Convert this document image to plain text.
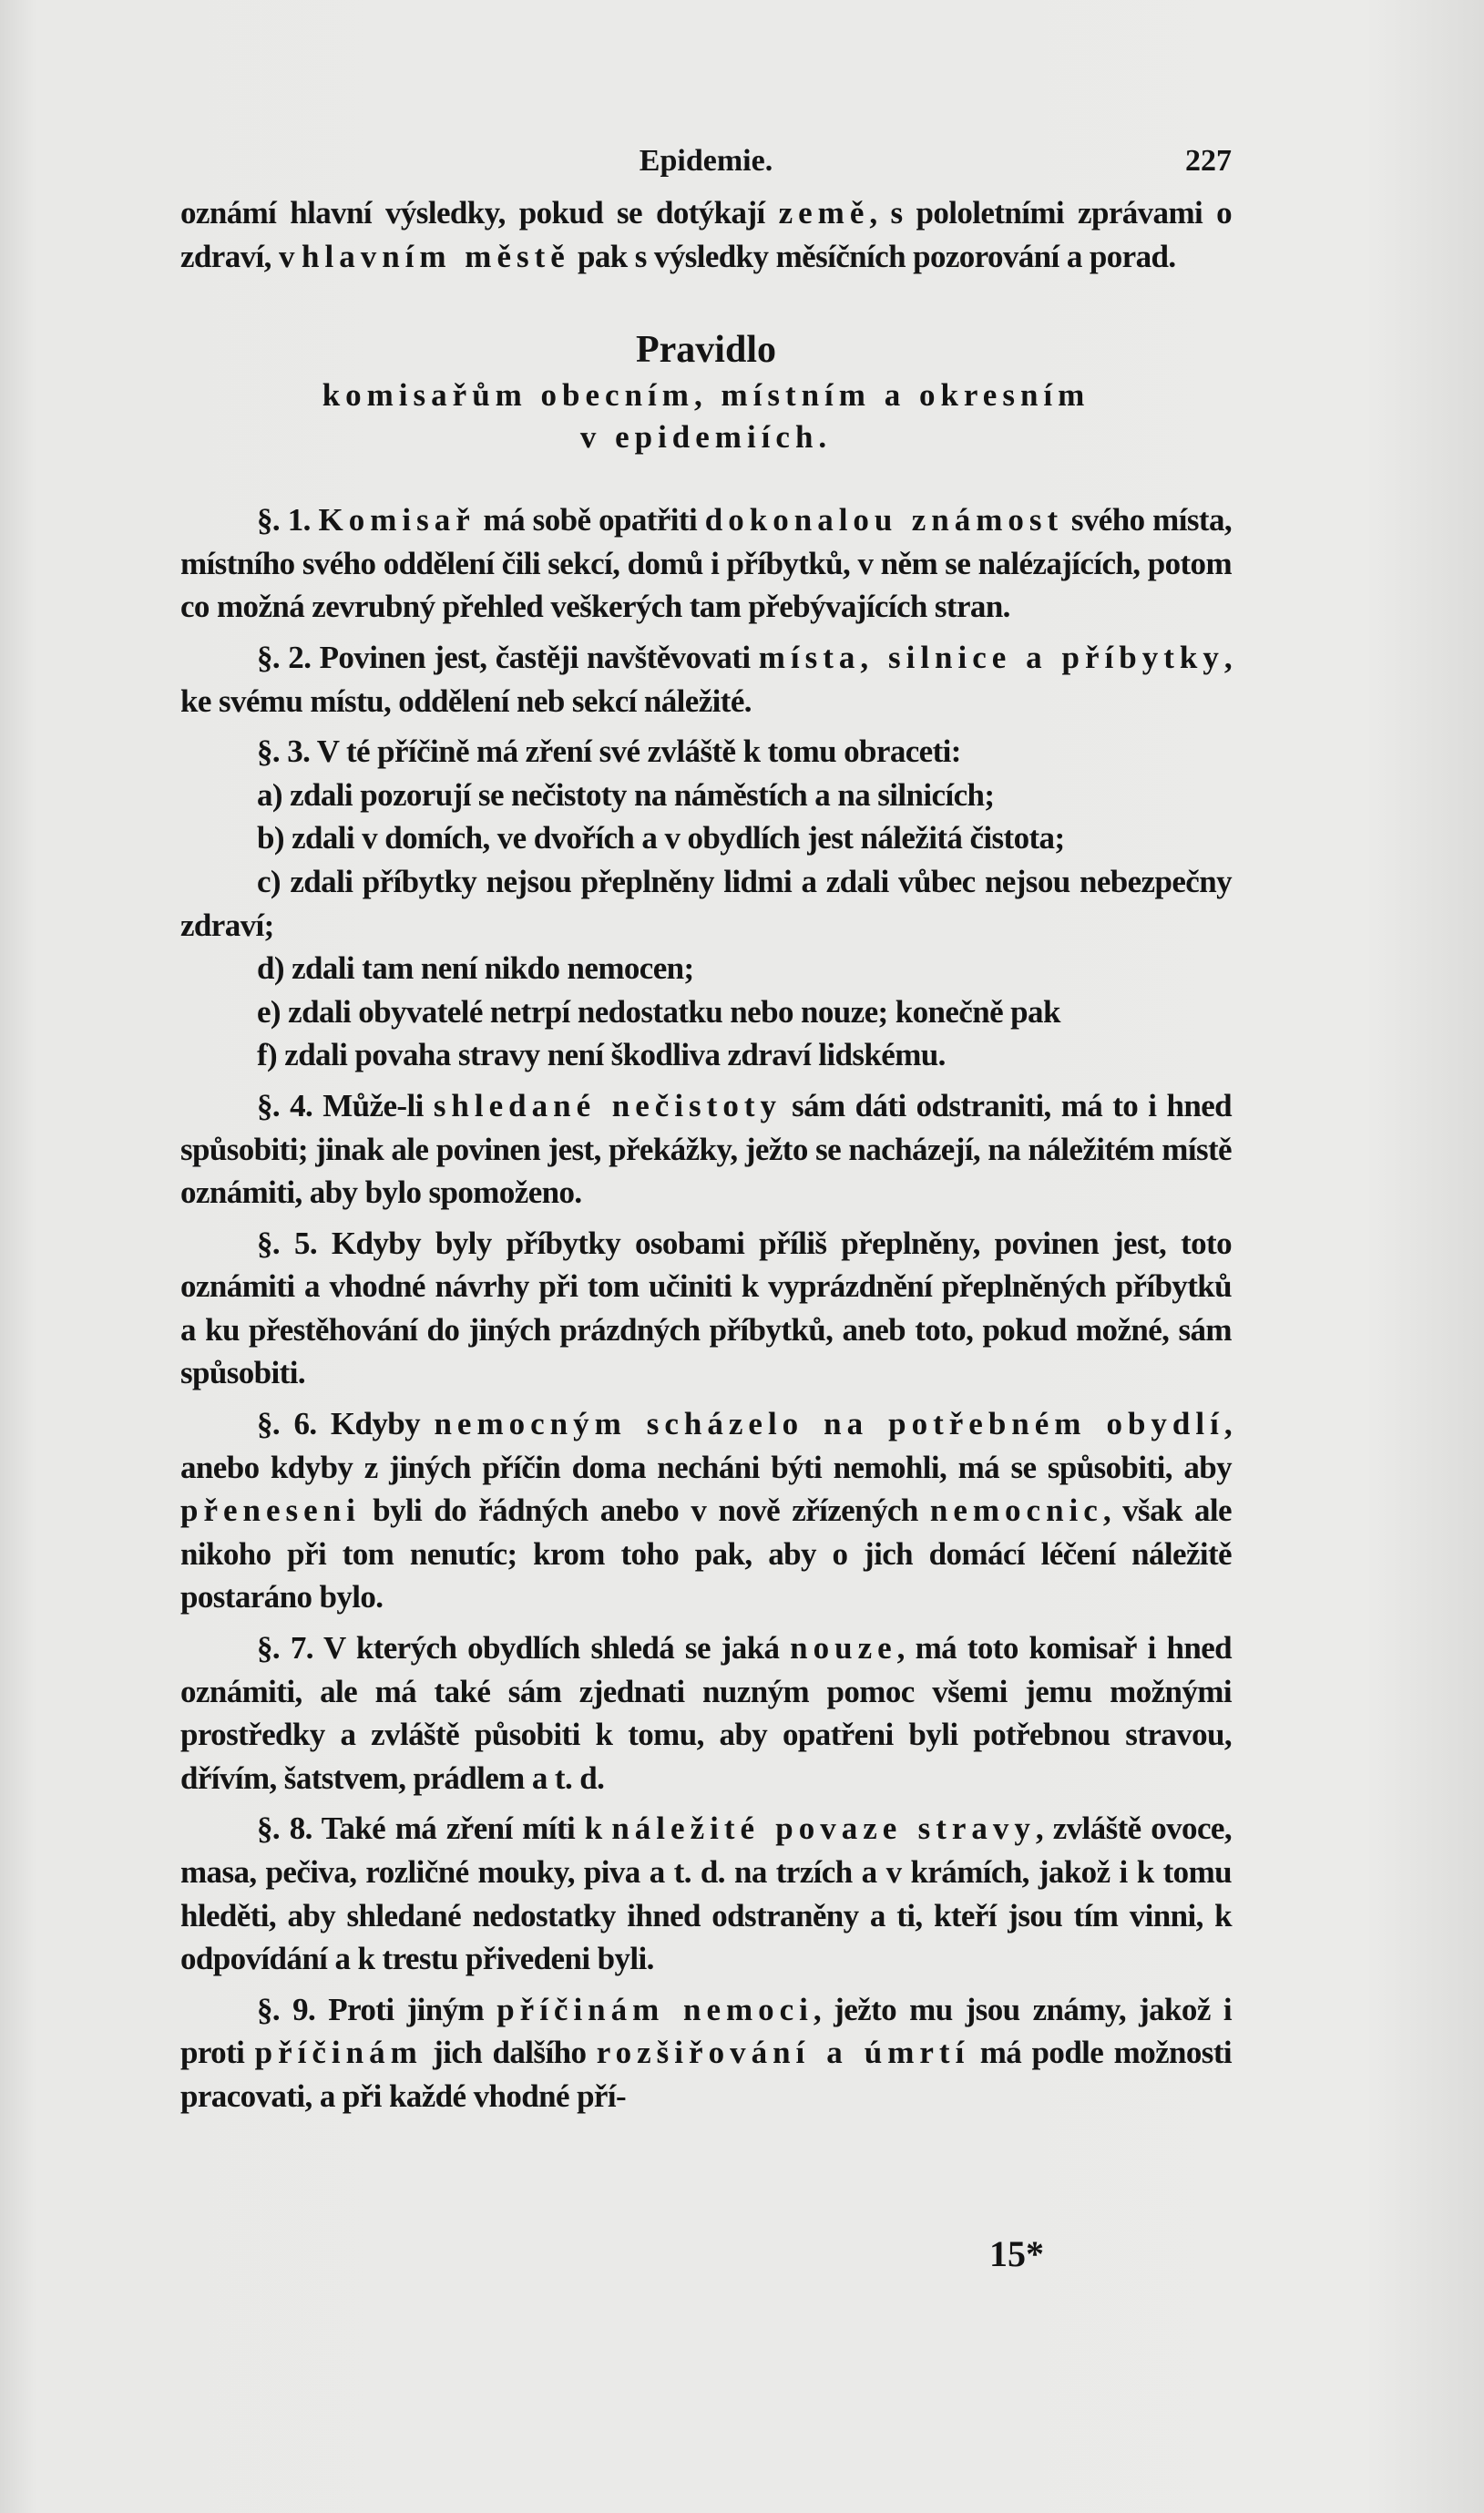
Epidemie.	227

oznámí hlavní výsledky, pokud se dotýkají země, s pololetními zprávami o zdraví, v hlavním městě pak s výsledky měsíčních pozorování a porad.

Pravidlo
komisařům obecním, místním a okresním
v epidemiích.

§. 1. Komisař má sobě opatřiti dokonalou známost svého místa, místního svého oddělení čili sekcí, domů i příbytků, v něm se nalézajících, potom co možná zevrubný přehled veškerých tam přebývajících stran.

§. 2. Povinen jest, častěji navštěvovati místa, silnice a příbytky, ke svému místu, oddělení neb sekcí náležité.

§. 3. V té příčině má zření své zvláště k tomu obraceti:

a) zdali pozorují se nečistoty na náměstích a na silnicích;

b) zdali v domích, ve dvořích a v obydlích jest náležitá čistota;

c) zdali příbytky nejsou přeplněny lidmi a zdali vůbec nejsou nebezpečny zdraví;

d) zdali tam není nikdo nemocen;

e) zdali obyvatelé netrpí nedostatku nebo nouze; konečně pak

f) zdali povaha stravy není škodliva zdraví lidskému.

§. 4. Může-li shledané nečistoty sám dáti odstraniti, má to i hned spůsobiti; jinak ale povinen jest, překážky, ježto se nacházejí, na náležitém místě oznámiti, aby bylo spomoženo.

§. 5. Kdyby byly příbytky osobami příliš přeplněny, povinen jest, toto oznámiti a vhodné návrhy při tom učiniti k vyprázdnění přeplněných příbytků a ku přestěhování do jiných prázdných příbytků, aneb toto, pokud možné, sám spůsobiti.

§. 6. Kdyby nemocným scházelo na potřebném obydlí, anebo kdyby z jiných příčin doma necháni býti nemohli, má se spůsobiti, aby přeneseni byli do řádných anebo v nově zřízených nemocnic, však ale nikoho při tom nenutíc; krom toho pak, aby o jich domácí léčení náležitě postaráno bylo.

§. 7. V kterých obydlích shledá se jaká nouze, má toto komisař i hned oznámiti, ale má také sám zjednati nuzným pomoc všemi jemu možnými prostředky a zvláště působiti k tomu, aby opatřeni byli potřebnou stravou, dřívím, šatstvem, prádlem a t. d.

§. 8. Také má zření míti k náležité povaze stravy, zvláště ovoce, masa, pečiva, rozličné mouky, piva a t. d. na trzích a v krámích, jakož i k tomu hleděti, aby shledané nedostatky ihned odstraněny a ti, kteří jsou tím vinni, k odpovídání a k trestu přivedeni byli.

§. 9. Proti jiným příčinám nemoci, ježto mu jsou známy, jakož i proti příčinám jich dalšího rozšiřování a úmrtí má podle možnosti pracovati, a při každé vhodné pří-

15*
